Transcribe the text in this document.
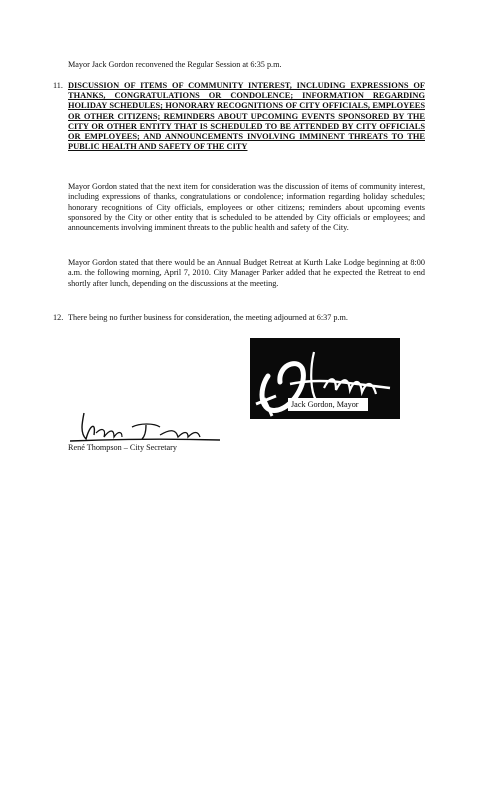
Mayor Jack Gordon reconvened the Regular Session at 6:35 p.m.
11. DISCUSSION OF ITEMS OF COMMUNITY INTEREST, INCLUDING EXPRESSIONS OF THANKS, CONGRATULATIONS OR CONDOLENCE; INFORMATION REGARDING HOLIDAY SCHEDULES; HONORARY RECOGNITIONS OF CITY OFFICIALS, EMPLOYEES OR OTHER CITIZENS; REMINDERS ABOUT UPCOMING EVENTS SPONSORED BY THE CITY OR OTHER ENTITY THAT IS SCHEDULED TO BE ATTENDED BY CITY OFFICIALS OR EMPLOYEES; AND ANNOUNCEMENTS INVOLVING IMMINENT THREATS TO THE PUBLIC HEALTH AND SAFETY OF THE CITY
Mayor Gordon stated that the next item for consideration was the discussion of items of community interest, including expressions of thanks, congratulations or condolence; information regarding holiday schedules; honorary recognitions of City officials, employees or other citizens; reminders about upcoming events sponsored by the City or other entity that is scheduled to be attended by City officials or employees; and announcements involving imminent threats to the public health and safety of the City.
Mayor Gordon stated that there would be an Annual Budget Retreat at Kurth Lake Lodge beginning at 8:00 a.m. the following morning, April 7, 2010. City Manager Parker added that he expected the Retreat to end shortly after lunch, depending on the discussions at the meeting.
12. There being no further business for consideration, the meeting adjourned at 6:37 p.m.
Jack Gordon, Mayor
René Thompson – City Secretary
